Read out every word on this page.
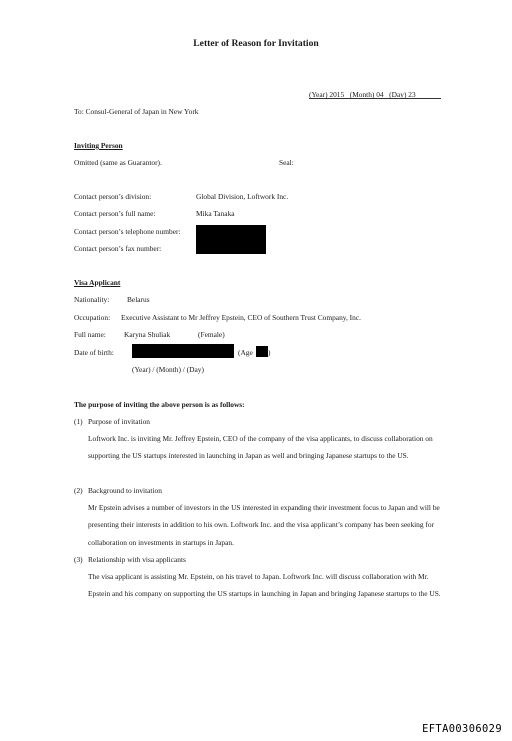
Letter of Reason for Invitation
(Year) 2015 (Month) 04 (Day) 23
To: Consul-General of Japan in New York
Inviting Person
Omitted (same as Guarantor).	Seal:
Contact person’s division:	Global Division, Loftwork Inc.
Contact person’s full name:	Mika Tanaka
Contact person’s telephone number:
Contact person’s fax number:
Visa Applicant
Nationality: Belarus
Occupation: Executive Assistant to Mr Jeffrey Epstein, CEO of Southern Trust Company, Inc.
Full name: Karyna Shuliak	(Female)
Date of birth:	(Age )
(Year) / (Month) / (Day)
The purpose of inviting the above person is as follows:
(1) Purpose of invitation
Loftwork Inc. is inviting Mr. Jeffrey Epstein, CEO of the company of the visa applicants, to discuss collaboration on supporting the US startups interested in launching in Japan as well and bringing Japanese startups to the US.
(2) Background to invitation
Mr Epstein advises a number of investors in the US interested in expanding their investment focus to Japan and will be presenting their interests in addition to his own. Loftwork Inc. and the visa applicant’s company has been seeking for collaboration on investments in startups in Japan.
(3) Relationship with visa applicants
The visa applicant is assisting Mr. Epstein, on his travel to Japan. Loftwork Inc. will discuss collaboration with Mr. Epstein and his company on supporting the US startups in launching in Japan and bringing Japanese startups to the US.
EFTA00306029
